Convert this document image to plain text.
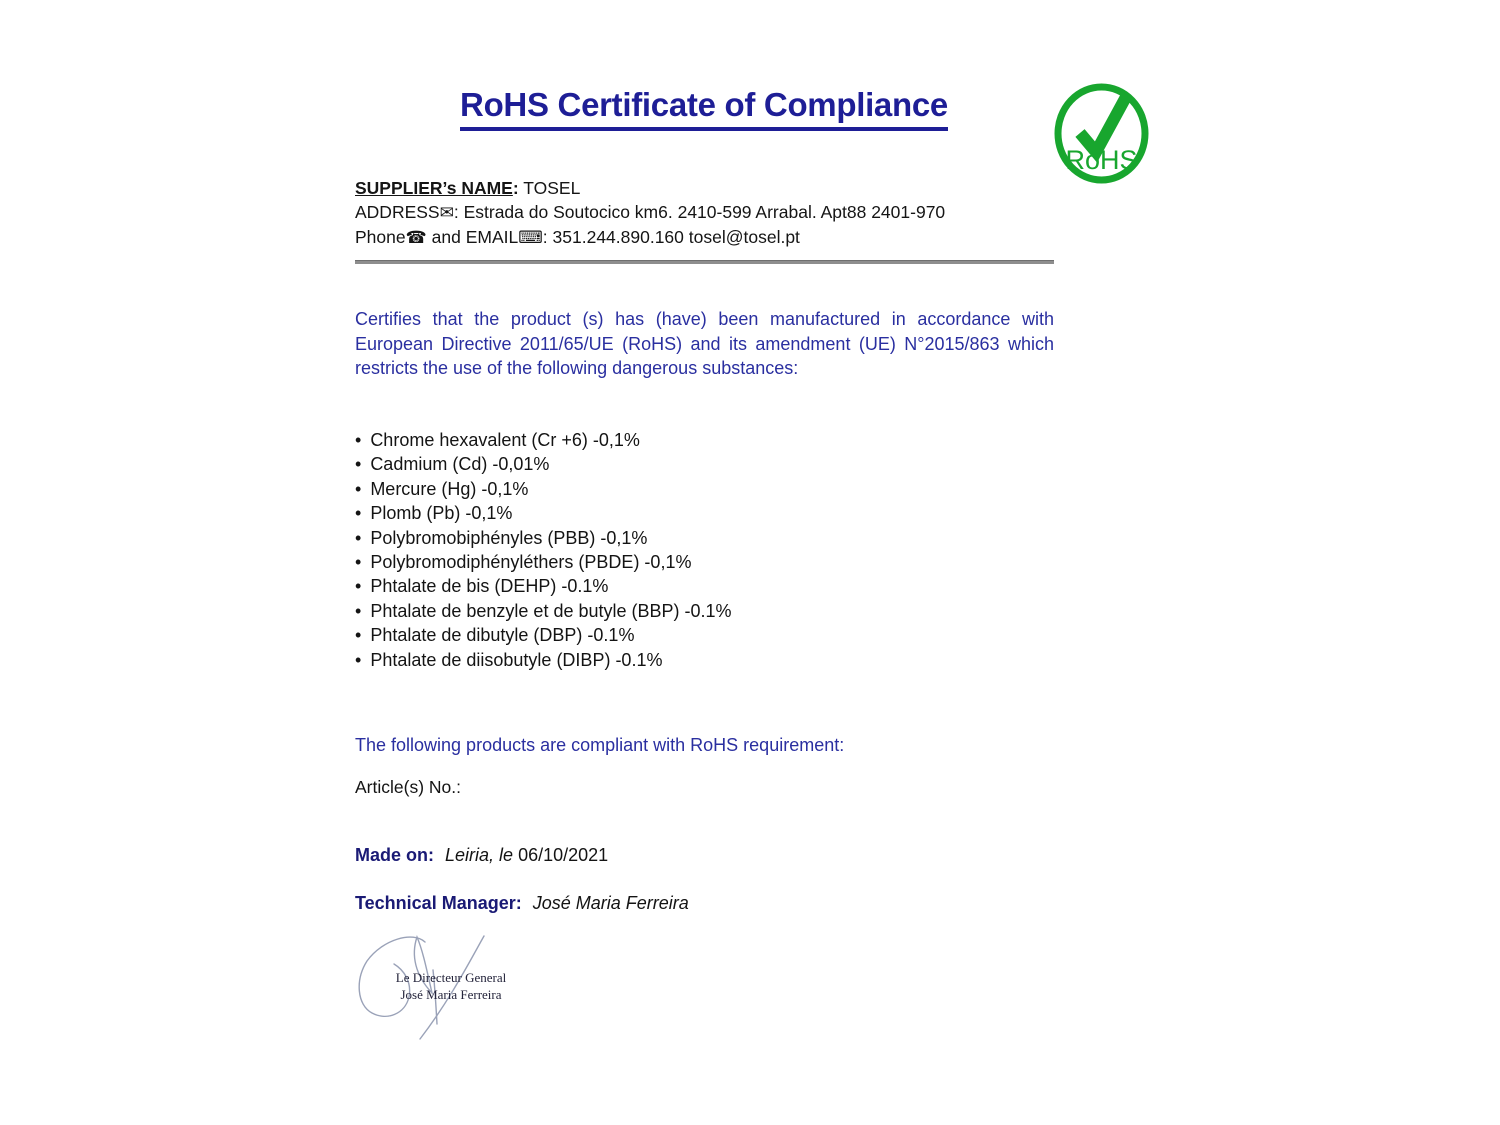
RoHS Certificate of Compliance
RoHS
SUPPLIER’s NAME: TOSEL
ADDRESS✉: Estrada do Soutocico km6. 2410-599 Arrabal. Apt88 2401-970
Phone☎ and EMAIL⌨: 351.244.890.160 tosel@tosel.pt
Certifies that the product (s) has (have) been manufactured in accordance with
European Directive 2011/65/UE (RoHS) and its amendment (UE) N°2015/863 which
restricts the use of the following dangerous substances:
• Chrome hexavalent (Cr +6) -0,1%
• Cadmium (Cd) -0,01%
• Mercure (Hg) -0,1%
• Plomb (Pb) -0,1%
• Polybromobiphényles (PBB) -0,1%
• Polybromodiphényléthers (PBDE) -0,1%
• Phtalate de bis (DEHP) -0.1%
• Phtalate de benzyle et de butyle (BBP) -0.1%
• Phtalate de dibutyle (DBP) -0.1%
• Phtalate de diisobutyle (DIBP) -0.1%
The following products are compliant with RoHS requirement:
Article(s) No.:
Made on: Leiria, le 06/10/2021
Technical Manager: José Maria Ferreira
Le Directeur General
José Maria Ferreira
